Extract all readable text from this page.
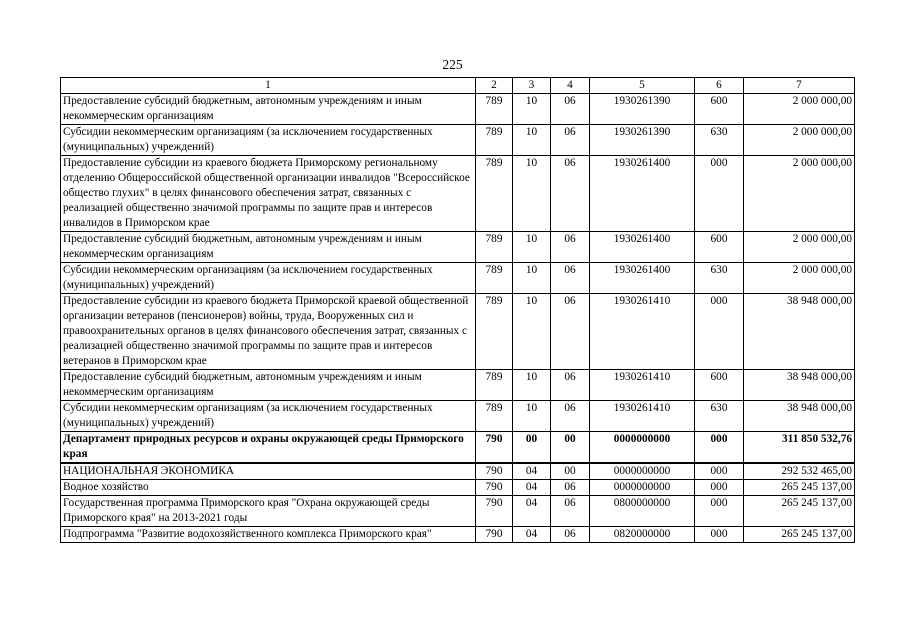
225
1	2	3	4	5	6	7
Предоставление субсидий бюджетным, автономным учреждениям и иным некоммерческим организациям	789	10	06	1930261390	600	2 000 000,00
Субсидии некоммерческим организациям (за исключением государственных (муниципальных) учреждений)	789	10	06	1930261390	630	2 000 000,00
Предоставление субсидии из краевого бюджета Приморскому региональному отделению Общероссийской общественной организации инвалидов "Всероссийское общество глухих" в целях финансового обеспечения затрат, связанных с реализацией общественно значимой программы по защите прав и интересов инвалидов в Приморском крае	789	10	06	1930261400	000	2 000 000,00
Предоставление субсидий бюджетным, автономным учреждениям и иным некоммерческим организациям	789	10	06	1930261400	600	2 000 000,00
Субсидии некоммерческим организациям (за исключением государственных (муниципальных) учреждений)	789	10	06	1930261400	630	2 000 000,00
Предоставление субсидии из краевого бюджета Приморской краевой общественной организации ветеранов (пенсионеров) войны, труда, Вооруженных сил и правоохранительных органов в целях финансового обеспечения затрат, связанных с реализацией общественно значимой программы по защите прав и интересов ветеранов в Приморском крае	789	10	06	1930261410	000	38 948 000,00
Предоставление субсидий бюджетным, автономным учреждениям и иным некоммерческим организациям	789	10	06	1930261410	600	38 948 000,00
Субсидии некоммерческим организациям (за исключением государственных (муниципальных) учреждений)	789	10	06	1930261410	630	38 948 000,00
Департамент природных ресурсов и охраны окружающей среды Приморского края	790	00	00	0000000000	000	311 850 532,76
НАЦИОНАЛЬНАЯ ЭКОНОМИКА	790	04	00	0000000000	000	292 532 465,00
Водное хозяйство	790	04	06	0000000000	000	265 245 137,00
Государственная программа Приморского края "Охрана окружающей среды Приморского края" на 2013-2021 годы	790	04	06	0800000000	000	265 245 137,00
Подпрограмма "Развитие водохозяйственного комплекса Приморского края"	790	04	06	0820000000	000	265 245 137,00
